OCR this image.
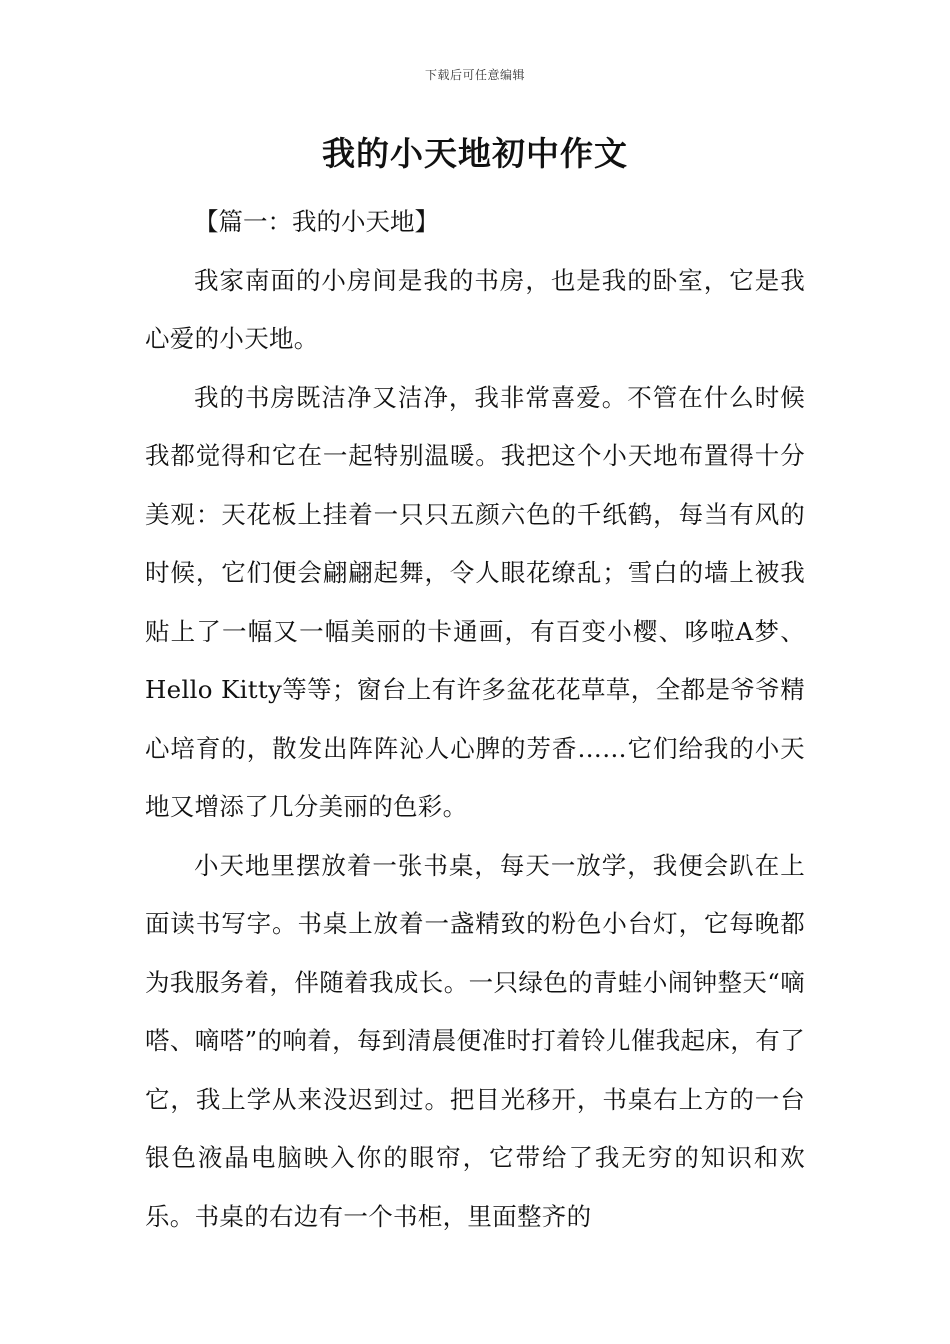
下载后可任意编辑
我的小天地初中作文
【篇一：我的小天地】

我家南面的小房间是我的书房，也是我的卧室，它是我心爱的小天地。

我的书房既洁净又洁净，我非常喜爱。不管在什么时候我都觉得和它在一起特别温暖。我把这个小天地布置得十分美观：天花板上挂着一只只五颜六色的千纸鹤，每当有风的时候，它们便会翩翩起舞，令人眼花缭乱；雪白的墙上被我贴上了一幅又一幅美丽的卡通画，有百变小樱、哆啦A梦、Hello Kitty等等；窗台上有许多盆花花草草，全都是爷爷精心培育的，散发出阵阵沁人心脾的芳香……它们给我的小天地又增添了几分美丽的色彩。

小天地里摆放着一张书桌，每天一放学，我便会趴在上面读书写字。书桌上放着一盏精致的粉色小台灯，它每晚都为我服务着，伴随着我成长。一只绿色的青蛙小闹钟整天“嘀嗒、嘀嗒”的响着，每到清晨便准时打着铃儿催我起床，有了它，我上学从来没迟到过。把目光移开，书桌右上方的一台银色液晶电脑映入你的眼帘，它带给了我无穷的知识和欢乐。书桌的右边有一个书柜，里面整齐的
